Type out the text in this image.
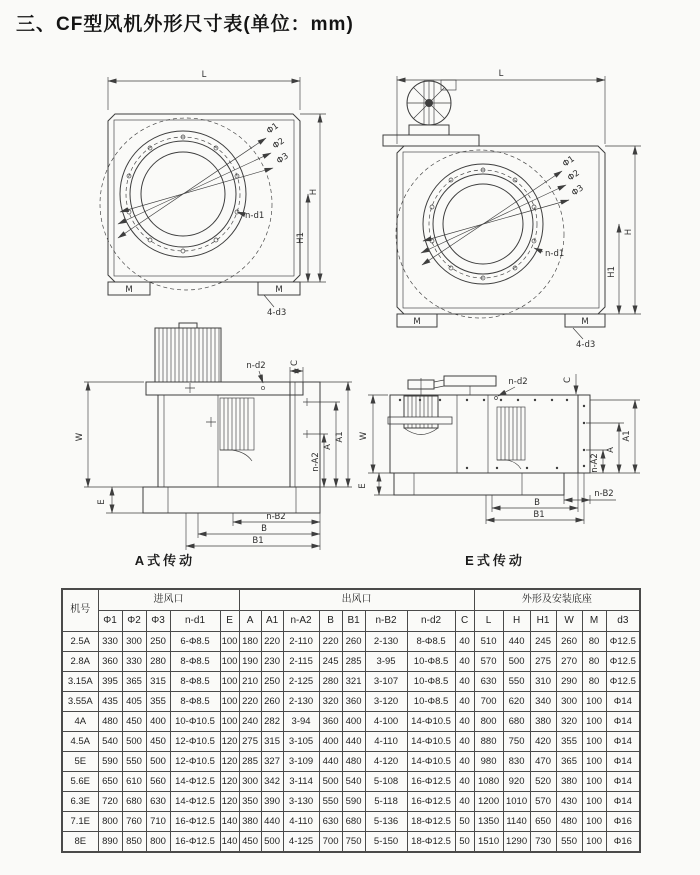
三、CF型风机外形尺寸表(单位：mm)
Φ1
Φ2
Φ3
L
H
H1
M	M
n-d1
4-d3
Φ1
Φ2
Φ3
L
H
H1
M	M
n-d1
4-d3
n-d2	C
W
E
A1
A
n-A2
n-B2
B
B1
n-d2	C
W
E
A1
A
n-A2
n-B2
B
B1
A式传动	E式传动
机号	进风口					出风口								外形及安装底座					
	Φ1	Φ2	Φ3	n-d1	E	A	A1	n-A2	B	B1	n-B2	n-d2	C	L	H	H1	W	M	d3
2.5A	330	300	250	6-Φ8.5	100	180	220	2-110	220	260	2-130	8-Φ8.5	40	510	440	245	260	80	Φ12.5
2.8A	360	330	280	8-Φ8.5	100	190	230	2-115	245	285	3-95	10-Φ8.5	40	570	500	275	270	80	Φ12.5
3.15A	395	365	315	8-Φ8.5	100	210	250	2-125	280	321	3-107	10-Φ8.5	40	630	550	310	290	80	Φ12.5
3.55A	435	405	355	8-Φ8.5	100	220	260	2-130	320	360	3-120	10-Φ8.5	40	700	620	340	300	100	Φ14
4A	480	450	400	10-Φ10.5	100	240	282	3-94	360	400	4-100	14-Φ10.5	40	800	680	380	320	100	Φ14
4.5A	540	500	450	12-Φ10.5	120	275	315	3-105	400	440	4-110	14-Φ10.5	40	880	750	420	355	100	Φ14
5E	590	550	500	12-Φ10.5	120	285	327	3-109	440	480	4-120	14-Φ10.5	40	980	830	470	365	100	Φ14
5.6E	650	610	560	14-Φ12.5	120	300	342	3-114	500	540	5-108	16-Φ12.5	40	1080	920	520	380	100	Φ14
6.3E	720	680	630	14-Φ12.5	120	350	390	3-130	550	590	5-118	16-Φ12.5	40	1200	1010	570	430	100	Φ14
7.1E	800	760	710	16-Φ12.5	140	380	440	4-110	630	680	5-136	18-Φ12.5	50	1350	1140	650	480	100	Φ16
8E	890	850	800	16-Φ12.5	140	450	500	4-125	700	750	5-150	18-Φ12.5	50	1510	1290	730	550	100	Φ16
